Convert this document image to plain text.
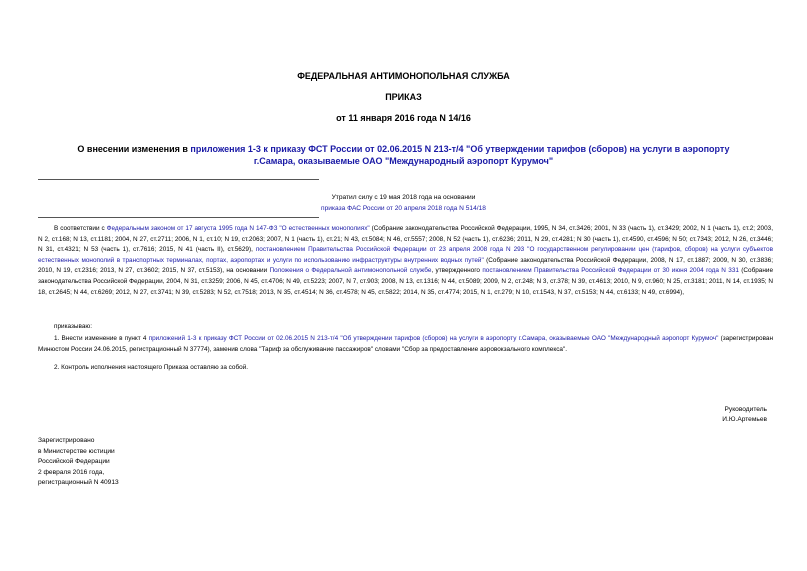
ФЕДЕРАЛЬНАЯ АНТИМОНОПОЛЬНАЯ СЛУЖБА
ПРИКАЗ
от 11 января 2016 года N 14/16
О внесении изменения в приложения 1-3 к приказу ФСТ России от 02.06.2015 N 213-т/4 "Об утверждении тарифов (сборов) на услуги в аэропорту г.Самара, оказываемые ОАО "Международный аэропорт Курумоч"
Утратил силу с 19 мая 2018 года на основании
приказа ФАС России от 20 апреля 2018 года N 514/18
В соответствии с Федеральным законом от 17 августа 1995 года N 147-ФЗ "О естественных монополиях" (Собрание законодательства Российской Федерации, 1995, N 34, ст.3426; 2001, N 33 (часть 1), ст.3429; 2002, N 1 (часть 1), ст.2; 2003, N 2, ст.168; N 13, ст.1181; 2004, N 27, ст.2711; 2006, N 1, ст.10; N 19, ст.2063; 2007, N 1 (часть 1), ст.21; N 43, ст.5084; N 46, ст.5557; 2008, N 52 (часть 1), ст.6236; 2011, N 29, ст.4281; N 30 (часть 1), ст.4590, ст.4596; N 50; ст.7343; 2012, N 26, ст.3446; N 31, ст.4321; N 53 (часть 1), ст.7616; 2015, N 41 (часть II), ст.5629), постановлением Правительства Российской Федерации от 23 апреля 2008 года N 293 "О государственном регулировании цен (тарифов, сборов) на услуги субъектов естественных монополий в транспортных терминалах, портах, аэропортах и услуги по использованию инфраструктуры внутренних водных путей" (Собрание законодательства Российской Федерации, 2008, N 17, ст.1887; 2009, N 30, ст.3836; 2010, N 19, ст.2316; 2013, N 27, ст.3602; 2015, N 37, ст.5153), на основании Положения о Федеральной антимонопольной службе, утвержденного постановлением Правительства Российской Федерации от 30 июня 2004 года N 331 (Собрание законодательства Российской Федерации, 2004, N 31, ст.3259; 2006, N 45, ст.4706; N 49, ст.5223; 2007, N 7, ст.903; 2008, N 13, ст.1316; N 44, ст.5089; 2009, N 2, ст.248; N 3, ст.378; N 39, ст.4613; 2010, N 9, ст.960; N 25, ст.3181; 2011, N 14, ст.1935; N 18, ст.2645; N 44, ст.6269; 2012, N 27, ст.3741; N 39, ст.5283; N 52, ст.7518; 2013, N 35, ст.4514; N 36, ст.4578; N 45, ст.5822; 2014, N 35, ст.4774; 2015, N 1, ст.279; N 10, ст.1543, N 37, ст.5153; N 44, ст.6133; N 49, ст.6994),
приказываю:
1. Внести изменение в пункт 4 приложений 1-3 к приказу ФСТ России от 02.06.2015 N 213-т/4 "Об утверждении тарифов (сборов) на услуги в аэропорту г.Самара, оказываемые ОАО "Международный аэропорт Курумоч" (зарегистрирован Минюстом России 24.06.2015, регистрационный N 37774), заменив слова "Тариф за обслуживание пассажиров" словами "Сбор за предоставление аэровокзального комплекса".
2. Контроль исполнения настоящего Приказа оставляю за собой.
Руководитель
И.Ю.Артемьев
Зарегистрировано
в Министерстве юстиции
Российской Федерации
2 февраля 2016 года,
регистрационный N 40913
